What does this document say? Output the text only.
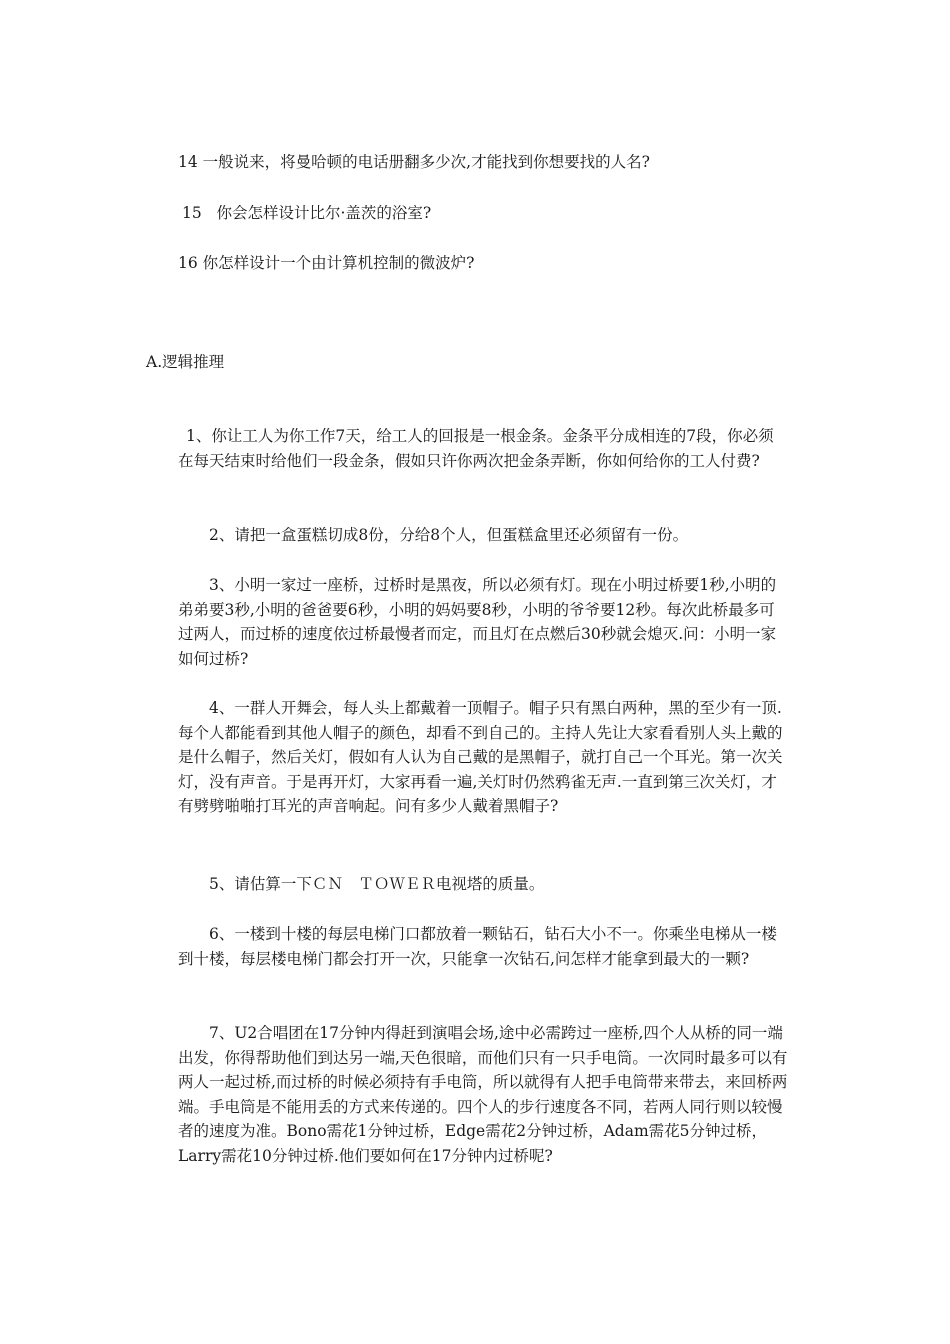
14 一般说来，将曼哈顿的电话册翻多少次,才能找到你想要找的人名?
15   你会怎样设计比尔·盖茨的浴室?
16 你怎样设计一个由计算机控制的微波炉?
A.逻辑推理
1、你让工人为你工作7天，给工人的回报是一根金条。金条平分成相连的7段，你必须在每天结束时给他们一段金条，假如只许你两次把金条弄断，你如何给你的工人付费?
2、请把一盒蛋糕切成8份，分给8个人，但蛋糕盒里还必须留有一份。
3、小明一家过一座桥，过桥时是黑夜，所以必须有灯。现在小明过桥要1秒,小明的弟弟要3秒,小明的爸爸要6秒，小明的妈妈要8秒，小明的爷爷要12秒。每次此桥最多可过两人，而过桥的速度依过桥最慢者而定，而且灯在点燃后30秒就会熄灭.问：小明一家如何过桥?
4、一群人开舞会，每人头上都戴着一顶帽子。帽子只有黑白两种，黑的至少有一顶.每个人都能看到其他人帽子的颜色，却看不到自己的。主持人先让大家看看别人头上戴的是什么帽子，然后关灯，假如有人认为自己戴的是黑帽子，就打自己一个耳光。第一次关灯，没有声音。于是再开灯，大家再看一遍,关灯时仍然鸦雀无声.一直到第三次关灯，才有劈劈啪啪打耳光的声音响起。问有多少人戴着黑帽子?
5、请估算一下ＣＮ　ＴＯＷＥＲ电视塔的质量。
6、一楼到十楼的每层电梯门口都放着一颗钻石，钻石大小不一。你乘坐电梯从一楼到十楼，每层楼电梯门都会打开一次，只能拿一次钻石,问怎样才能拿到最大的一颗?
7、U2合唱团在17分钟内得赶到演唱会场,途中必需跨过一座桥,四个人从桥的同一端出发，你得帮助他们到达另一端,天色很暗，而他们只有一只手电筒。一次同时最多可以有两人一起过桥,而过桥的时候必须持有手电筒，所以就得有人把手电筒带来带去，来回桥两端。手电筒是不能用丢的方式来传递的。四个人的步行速度各不同，若两人同行则以较慢者的速度为准。Bono需花1分钟过桥，Edge需花2分钟过桥，Adam需花5分钟过桥，Larry需花10分钟过桥.他们要如何在17分钟内过桥呢?
